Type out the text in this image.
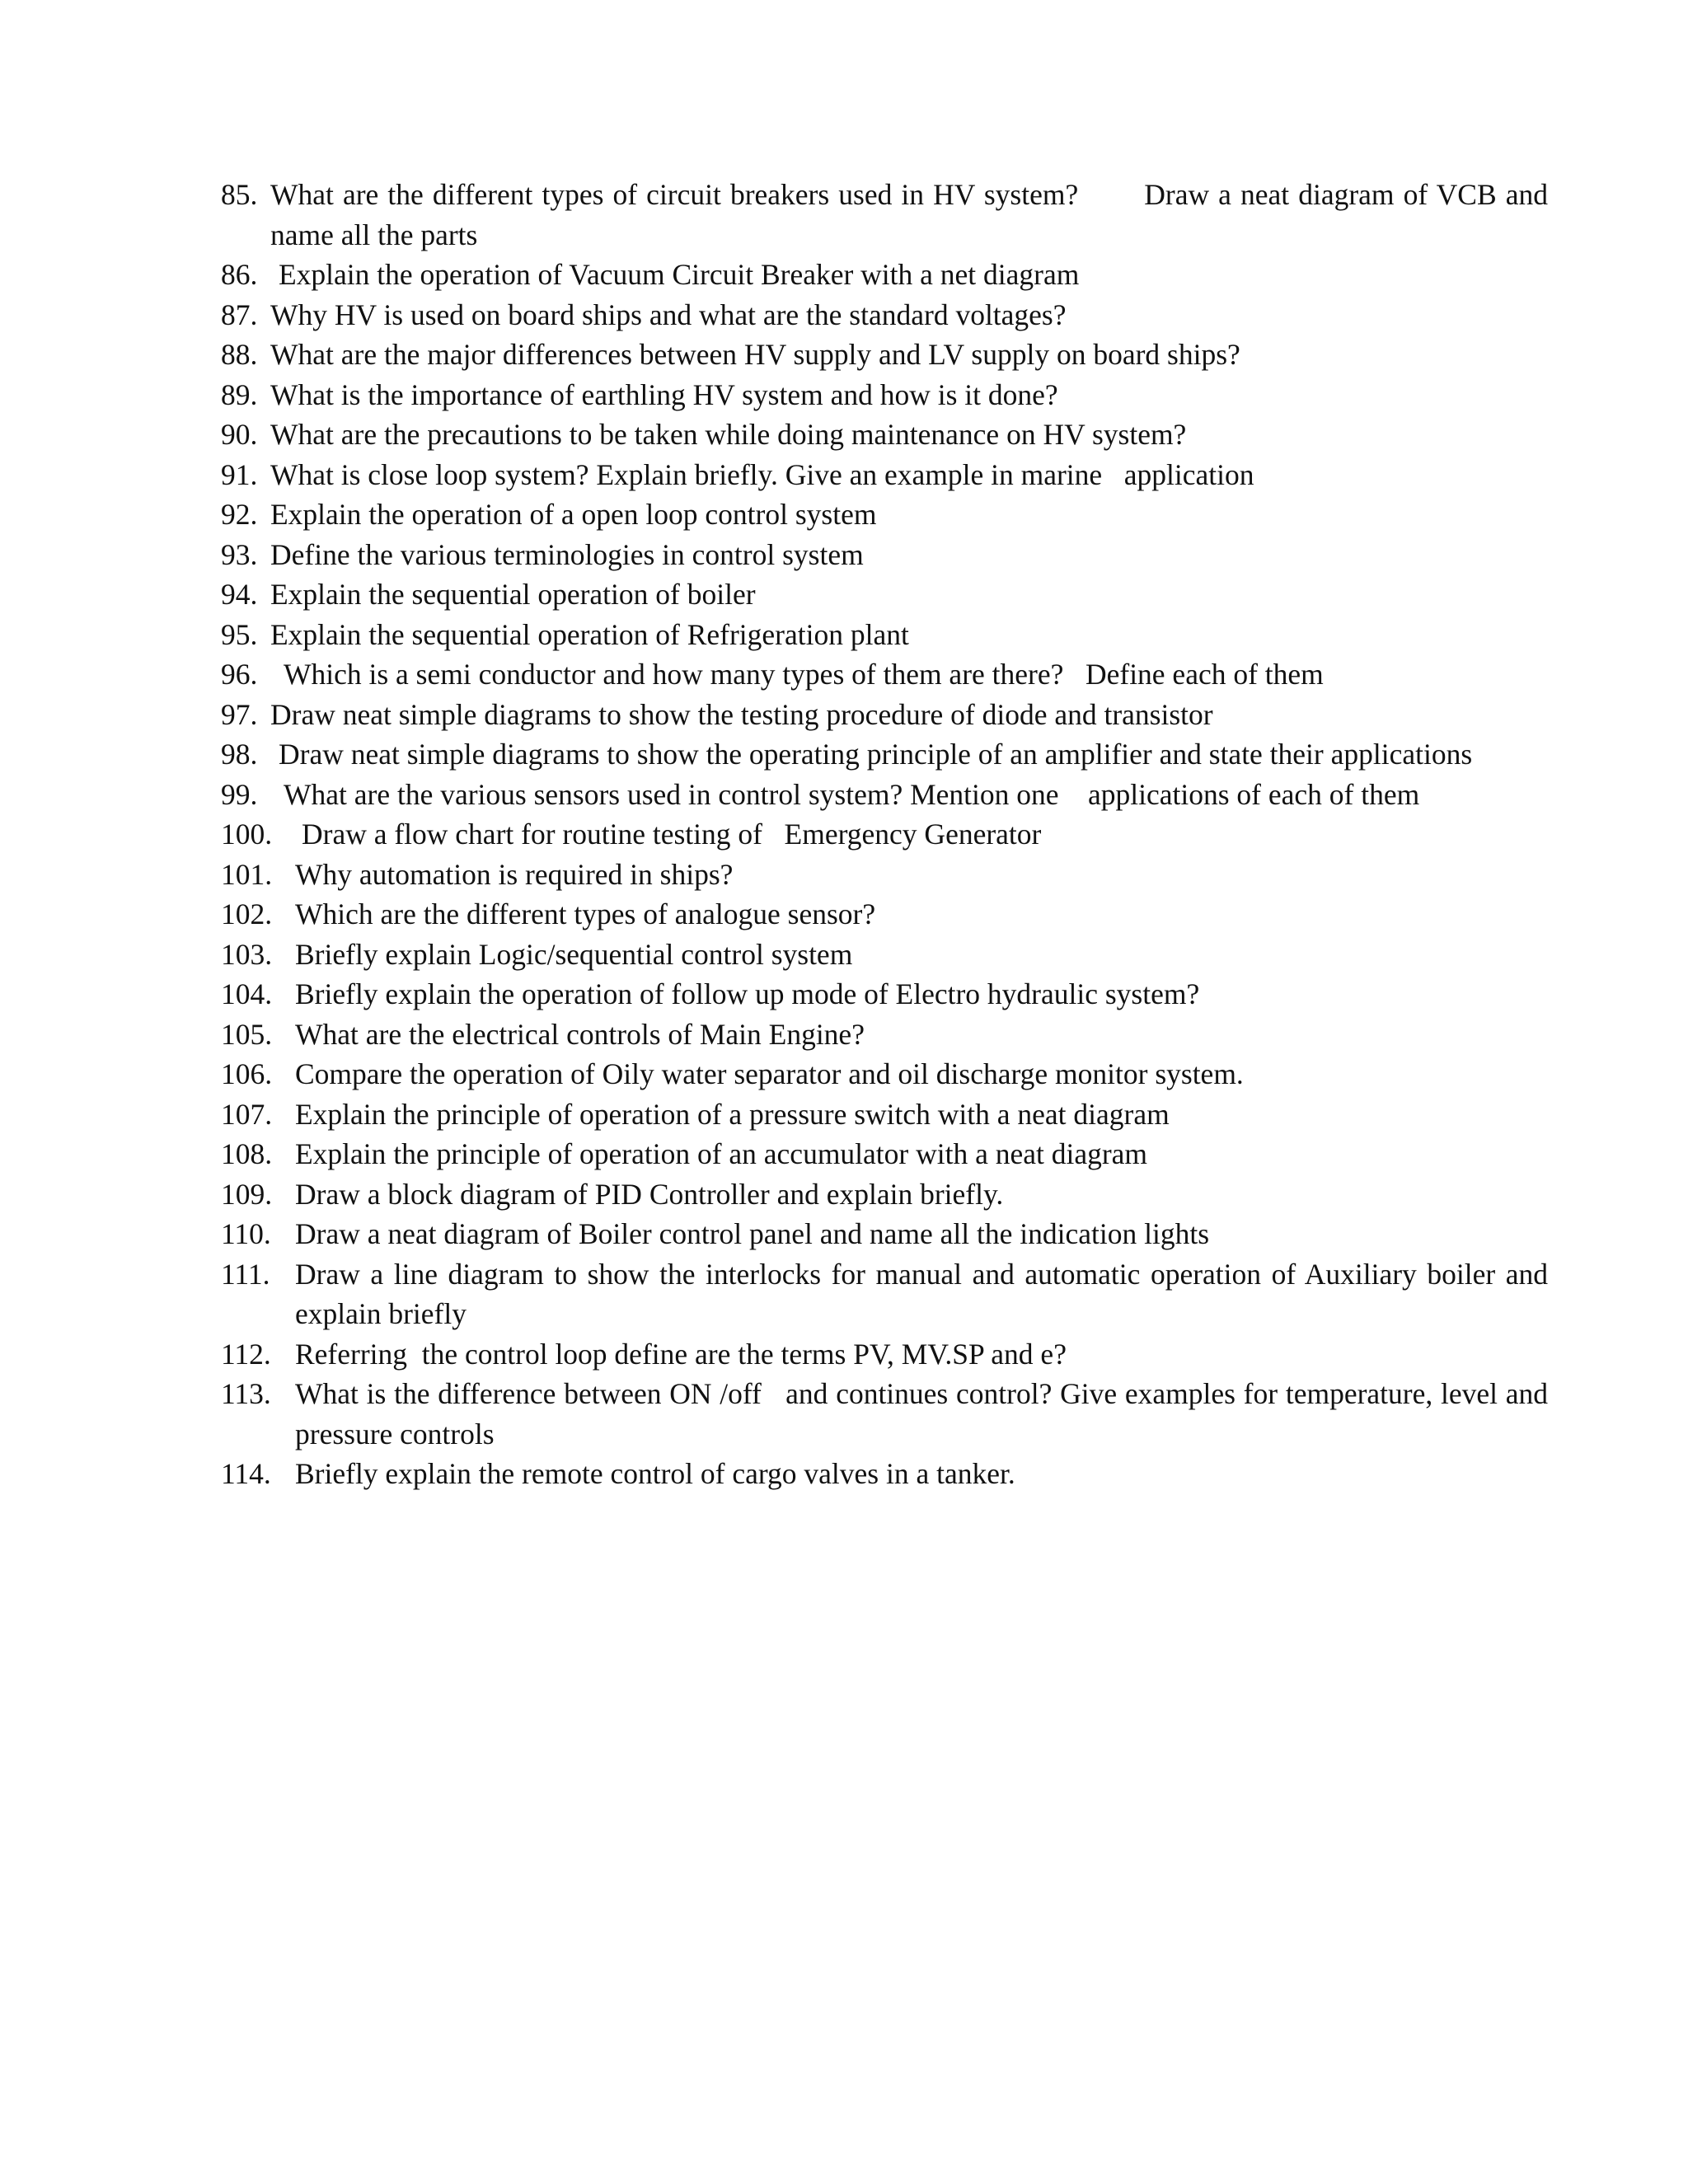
85. What are the different types of circuit breakers used in HV system? Draw a neat diagram of VCB and name all the parts
86. Explain the operation of Vacuum Circuit Breaker with a net diagram
87. Why HV is used on board ships and what are the standard voltages?
88. What are the major differences between HV supply and LV supply on board ships?
89. What is the importance of earthling HV system and how is it done?
90. What are the precautions to be taken while doing maintenance on HV system?
91. What is close loop system? Explain briefly. Give an example in marine   application
92. Explain the operation of a open loop control system
93. Define the various terminologies in control system
94. Explain the sequential operation of boiler
95. Explain the sequential operation of Refrigeration plant
96. Which is a semi conductor and how many types of them are there?   Define each of them
97. Draw neat simple diagrams to show the testing procedure of diode and transistor
98. Draw neat simple diagrams to show the operating principle of an amplifier and state their applications
99. What are the various sensors used in control system? Mention one    applications of each of them
100.	Draw a flow chart for routine testing of   Emergency Generator
101. Why automation is required in ships?
102. Which are the different types of analogue sensor?
103. Briefly explain Logic/sequential control system
104. Briefly explain the operation of follow up mode of Electro hydraulic system?
105. What are the electrical controls of Main Engine?
106. Compare the operation of Oily water separator and oil discharge monitor system.
107. Explain the principle of operation of a pressure switch with a neat diagram
108. Explain the principle of operation of an accumulator with a neat diagram
109. Draw a block diagram of PID Controller and explain briefly.
110. Draw a neat diagram of Boiler control panel and name all the indication lights
111. Draw a line diagram to show the interlocks for manual and automatic operation of Auxiliary boiler and explain briefly
112. Referring  the control loop define are the terms PV, MV.SP and e?
113. What is the difference between ON /off   and continues control? Give examples for temperature, level and pressure controls
114. Briefly explain the remote control of cargo valves in a tanker.
